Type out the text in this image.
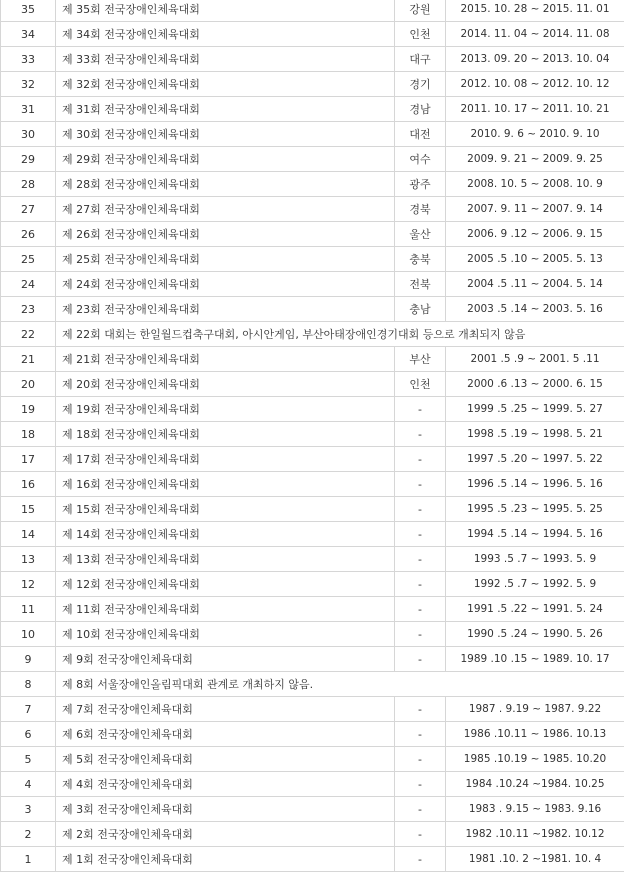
35	제 35회 전국장애인체육대회	강원	2015. 10. 28 ~ 2015. 11. 01
34	제 34회 전국장애인체육대회	인천	2014. 11. 04 ~ 2014. 11. 08
33	제 33회 전국장애인체육대회	대구	2013. 09. 20 ~ 2013. 10. 04
32	제 32회 전국장애인체육대회	경기	2012. 10. 08 ~ 2012. 10. 12
31	제 31회 전국장애인체육대회	경남	2011. 10. 17 ~ 2011. 10. 21
30	제 30회 전국장애인체육대회	대전	2010. 9. 6 ~ 2010. 9. 10
29	제 29회 전국장애인체육대회	여수	2009. 9. 21 ~ 2009. 9. 25
28	제 28회 전국장애인체육대회	광주	2008. 10. 5 ~ 2008. 10. 9
27	제 27회 전국장애인체육대회	경북	2007. 9. 11 ~ 2007. 9. 14
26	제 26회 전국장애인체육대회	울산	2006. 9 .12 ~ 2006. 9. 15
25	제 25회 전국장애인체육대회	충북	2005 .5 .10 ~ 2005. 5. 13
24	제 24회 전국장애인체육대회	전북	2004 .5 .11 ~ 2004. 5. 14
23	제 23회 전국장애인체육대회	충남	2003 .5 .14 ~ 2003. 5. 16
22	제 22회 대회는 한일월드컵축구대회, 아시안게임, 부산아태장애인경기대회 등으로 개최되지 않음		
21	제 21회 전국장애인체육대회	부산	2001 .5 .9 ~ 2001. 5 .11
20	제 20회 전국장애인체육대회	인천	2000 .6 .13 ~ 2000. 6. 15
19	제 19회 전국장애인체육대회	-	1999 .5 .25 ~ 1999. 5. 27
18	제 18회 전국장애인체육대회	-	1998 .5 .19 ~ 1998. 5. 21
17	제 17회 전국장애인체육대회	-	1997 .5 .20 ~ 1997. 5. 22
16	제 16회 전국장애인체육대회	-	1996 .5 .14 ~ 1996. 5. 16
15	제 15회 전국장애인체육대회	-	1995 .5 .23 ~ 1995. 5. 25
14	제 14회 전국장애인체육대회	-	1994 .5 .14 ~ 1994. 5. 16
13	제 13회 전국장애인체육대회	-	1993 .5 .7 ~ 1993. 5. 9
12	제 12회 전국장애인체육대회	-	1992 .5 .7 ~ 1992. 5. 9
11	제 11회 전국장애인체육대회	-	1991 .5 .22 ~ 1991. 5. 24
10	제 10회 전국장애인체육대회	-	1990 .5 .24 ~ 1990. 5. 26
9	제 9회 전국장애인체육대회	-	1989 .10 .15 ~ 1989. 10. 17
8	제 8회 서울장애인올림픽대회 관계로 개최하지 않음.		
7	제 7회 전국장애인체육대회	-	1987 . 9.19 ~ 1987. 9.22
6	제 6회 전국장애인체육대회	-	1986 .10.11 ~ 1986. 10.13
5	제 5회 전국장애인체육대회	-	1985 .10.19 ~ 1985. 10.20
4	제 4회 전국장애인체육대회	-	1984 .10.24 ~1984. 10.25
3	제 3회 전국장애인체육대회	-	1983 . 9.15 ~ 1983. 9.16
2	제 2회 전국장애인체육대회	-	1982 .10.11 ~1982. 10.12
1	제 1회 전국장애인체육대회	-	1981 .10. 2 ~1981. 10. 4
